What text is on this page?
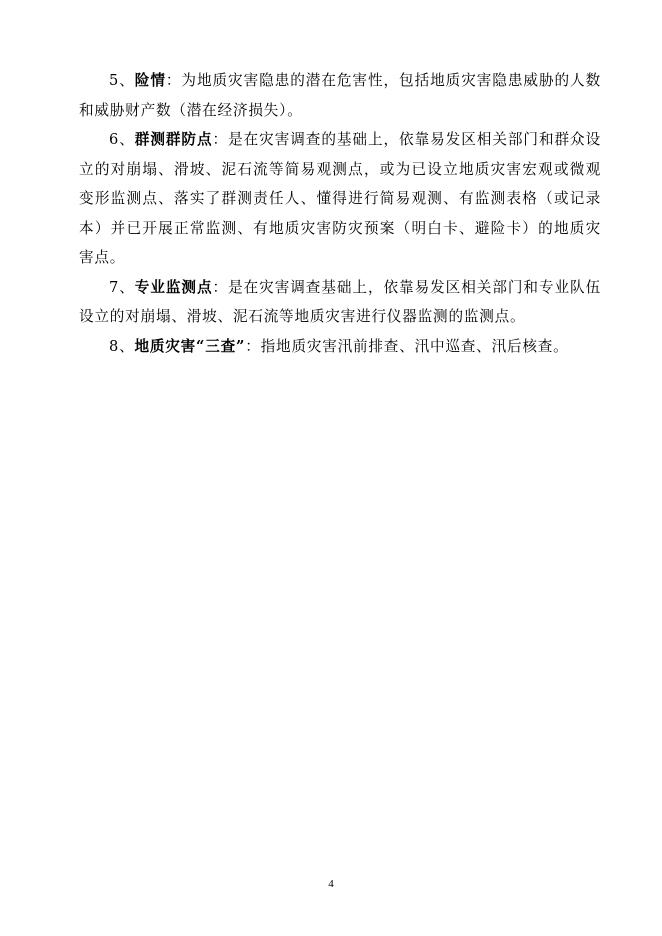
5、险情：为地质灾害隐患的潜在危害性，包括地质灾害隐患威胁的人数和威胁财产数（潜在经济损失）。

6、群测群防点：是在灾害调查的基础上，依靠易发区相关部门和群众设立的对崩塌、滑坡、泥石流等简易观测点，或为已设立地质灾害宏观或微观变形监测点、落实了群测责任人、懂得进行简易观测、有监测表格（或记录本）并已开展正常监测、有地质灾害防灾预案（明白卡、避险卡）的地质灾害点。

7、专业监测点：是在灾害调查基础上，依靠易发区相关部门和专业队伍设立的对崩塌、滑坡、泥石流等地质灾害进行仪器监测的监测点。

8、地质灾害“三查”：指地质灾害汛前排查、汛中巡查、汛后核查。

4
